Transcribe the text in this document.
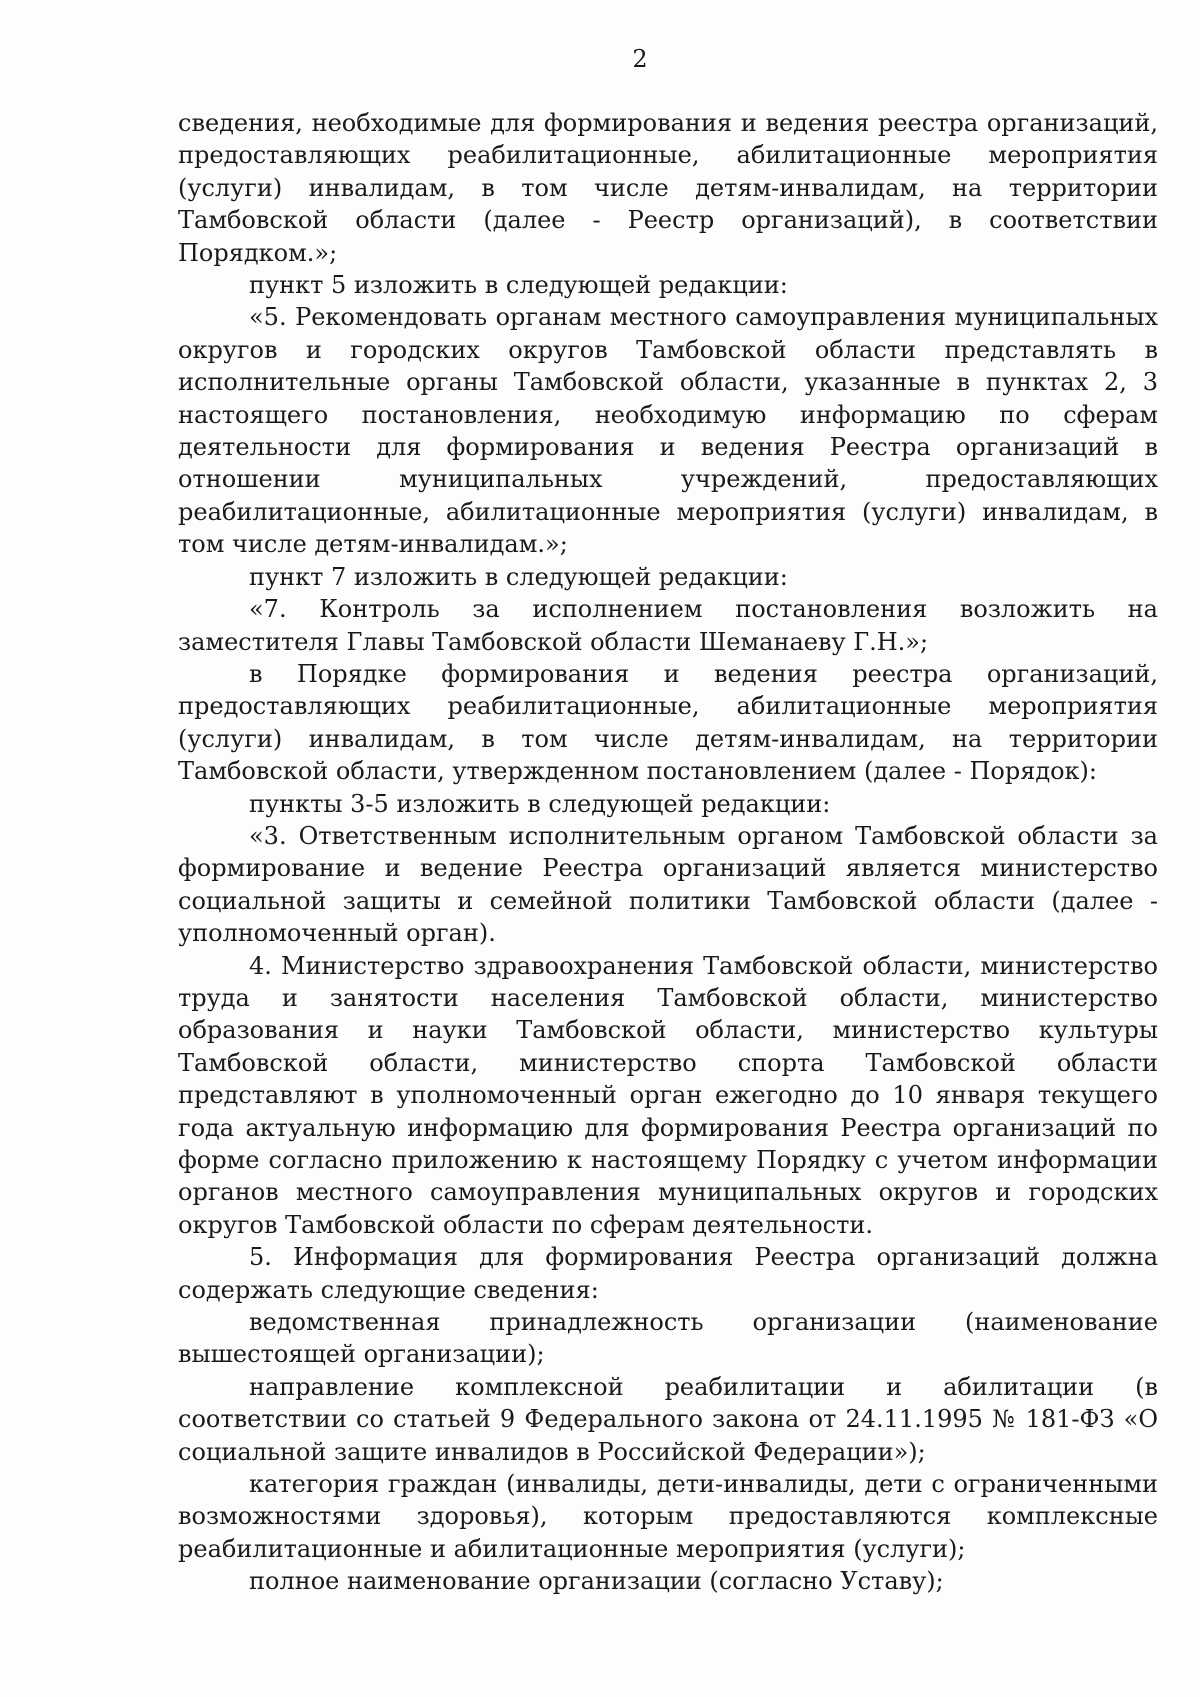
2

сведения, необходимые для формирования и ведения реестра организаций, предоставляющих реабилитационные, абилитационные мероприятия (услуги) инвалидам, в том числе детям-инвалидам, на территории Тамбовской области (далее - Реестр организаций), в соответствии Порядком.»;

пункт 5 изложить в следующей редакции:

«5. Рекомендовать органам местного самоуправления муниципальных округов и городских округов Тамбовской области представлять в исполнительные органы Тамбовской области, указанные в пунктах 2, 3 настоящего постановления, необходимую информацию по сферам деятельности для формирования и ведения Реестра организаций в отношении муниципальных учреждений, предоставляющих реабилитационные, абилитационные мероприятия (услуги) инвалидам, в том числе детям-инвалидам.»;

пункт 7 изложить в следующей редакции:

«7. Контроль за исполнением постановления возложить на заместителя Главы Тамбовской области Шеманаеву Г.Н.»;

в Порядке формирования и ведения реестра организаций, предоставляющих реабилитационные, абилитационные мероприятия (услуги) инвалидам, в том числе детям-инвалидам, на территории Тамбовской области, утвержденном постановлением (далее - Порядок):

пункты 3-5 изложить в следующей редакции:

«3. Ответственным исполнительным органом Тамбовской области за формирование и ведение Реестра организаций является министерство социальной защиты и семейной политики Тамбовской области (далее - уполномоченный орган).

4. Министерство здравоохранения Тамбовской области, министерство труда и занятости населения Тамбовской области, министерство образования и науки Тамбовской области, министерство культуры Тамбовской области, министерство спорта Тамбовской области представляют в уполномоченный орган ежегодно до 10 января текущего года актуальную информацию для формирования Реестра организаций по форме согласно приложению к настоящему Порядку с учетом информации органов местного самоуправления муниципальных округов и городских округов Тамбовской области по сферам деятельности.

5. Информация для формирования Реестра организаций должна содержать следующие сведения:

ведомственная принадлежность организации (наименование вышестоящей организации);

направление комплексной реабилитации и абилитации (в соответствии со статьей 9 Федерального закона от 24.11.1995 № 181-ФЗ «О социальной защите инвалидов в Российской Федерации»);

категория граждан (инвалиды, дети-инвалиды, дети с ограниченными возможностями здоровья), которым предоставляются комплексные реабилитационные и абилитационные мероприятия (услуги);

полное наименование организации (согласно Уставу);
